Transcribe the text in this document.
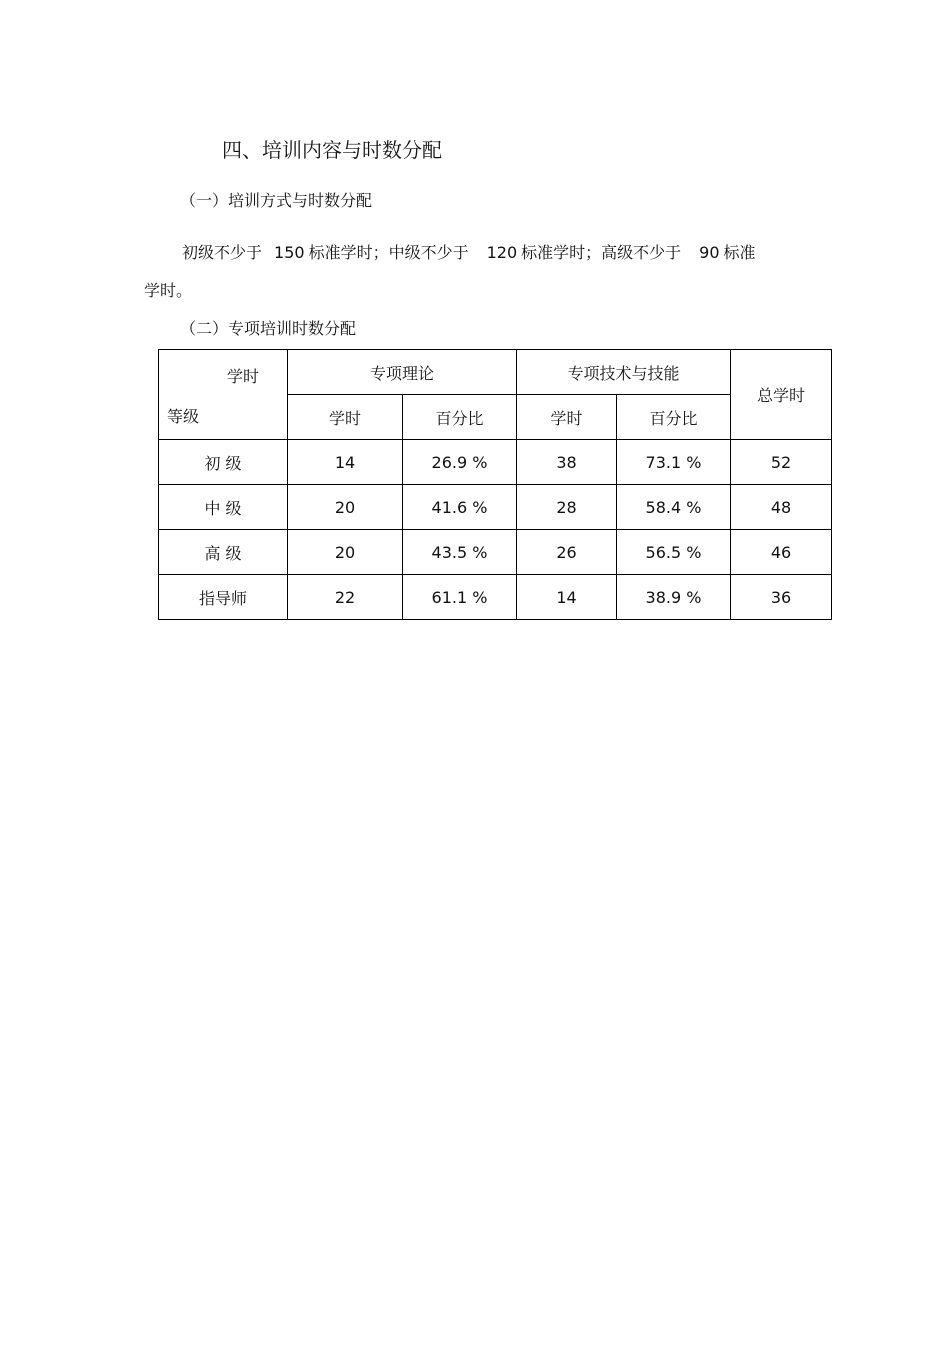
四、培训内容与时数分配
（一）培训方式与时数分配
初级不少于 150 标准学时；中级不少于 120 标准学时；高级不少于 90 标准
学时。
（二）专项培训时数分配
学时
等级	专项理论		专项技术与技能		总学时
	学时	百分比	学时	百分比	
初 级	14	26.9 %	38	73.1 %	52
中 级	20	41.6 %	28	58.4 %	48
高 级	20	43.5 %	26	56.5 %	46
指导师	22	61.1 %	14	38.9 %	36
